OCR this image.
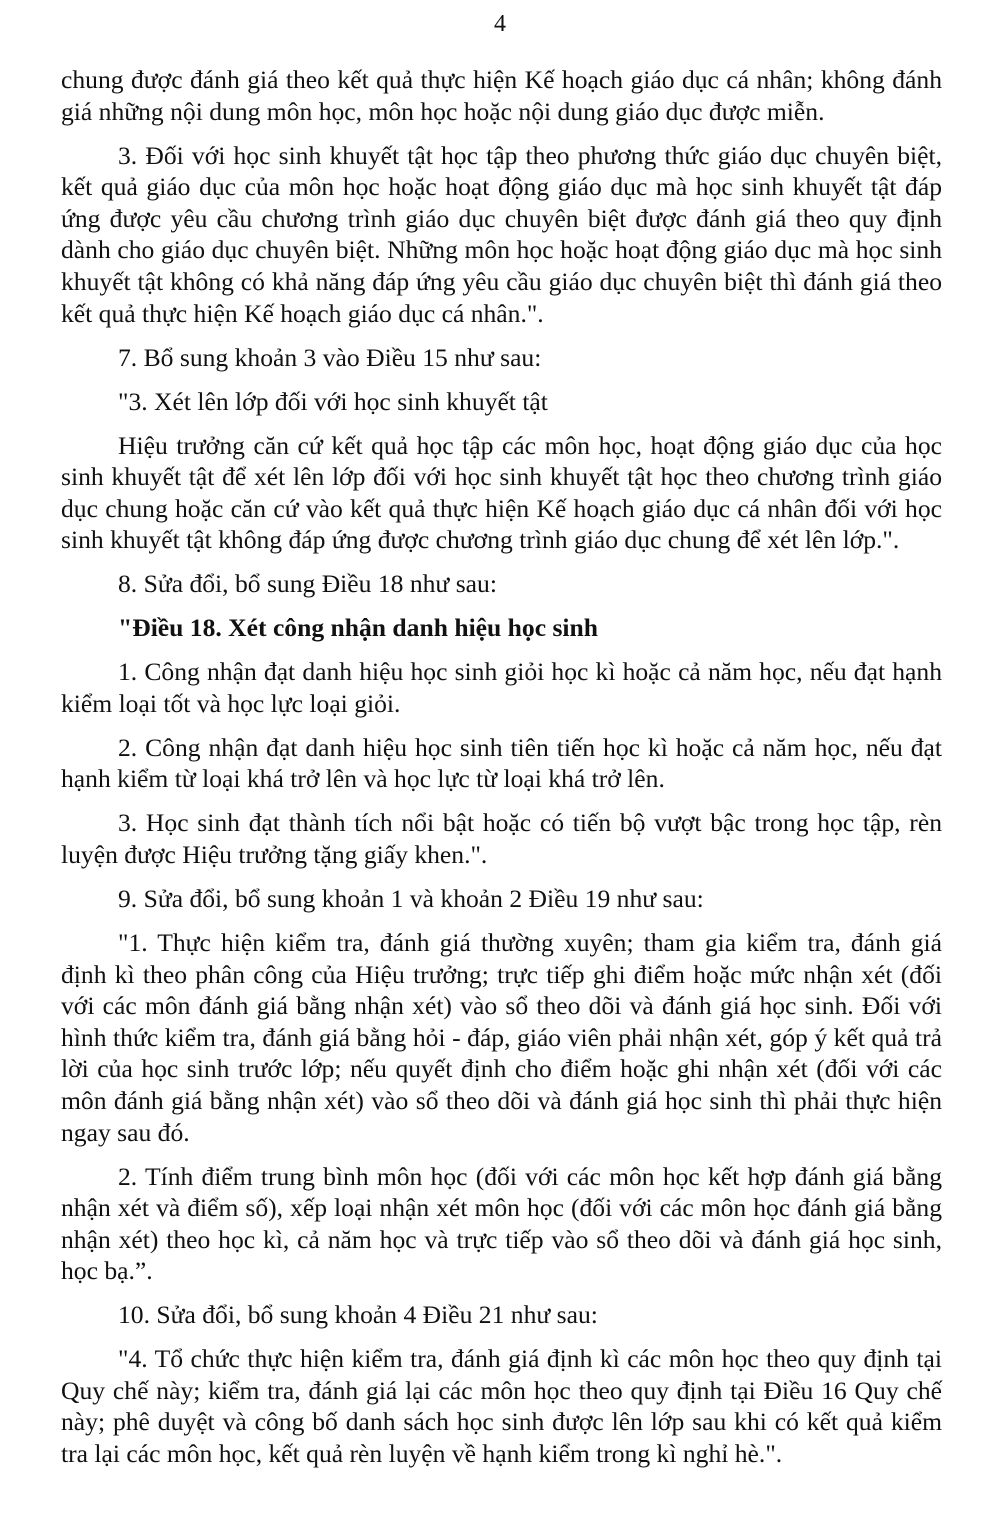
4

chung được đánh giá theo kết quả thực hiện Kế hoạch giáo dục cá nhân; không đánh giá những nội dung môn học, môn học hoặc nội dung giáo dục được miễn.

3. Đối với học sinh khuyết tật học tập theo phương thức giáo dục chuyên biệt, kết quả giáo dục của môn học hoặc hoạt động giáo dục mà học sinh khuyết tật đáp ứng được yêu cầu chương trình giáo dục chuyên biệt được đánh giá theo quy định dành cho giáo dục chuyên biệt. Những môn học hoặc hoạt động giáo dục mà học sinh khuyết tật không có khả năng đáp ứng yêu cầu giáo dục chuyên biệt thì đánh giá theo kết quả thực hiện Kế hoạch giáo dục cá nhân.".

7. Bổ sung khoản 3 vào Điều 15 như sau:

"3. Xét lên lớp đối với học sinh khuyết tật

Hiệu trưởng căn cứ kết quả học tập các môn học, hoạt động giáo dục của học sinh khuyết tật để xét lên lớp đối với học sinh khuyết tật học theo chương trình giáo dục chung hoặc căn cứ vào kết quả thực hiện Kế hoạch giáo dục cá nhân đối với học sinh khuyết tật không đáp ứng được chương trình giáo dục chung để xét lên lớp.".

8. Sửa đổi, bổ sung Điều 18 như sau:

"Điều 18. Xét công nhận danh hiệu học sinh

1. Công nhận đạt danh hiệu học sinh giỏi học kì hoặc cả năm học, nếu đạt hạnh kiểm loại tốt và học lực loại giỏi.

2. Công nhận đạt danh hiệu học sinh tiên tiến học kì hoặc cả năm học, nếu đạt hạnh kiểm từ loại khá trở lên và học lực từ loại khá trở lên.

3. Học sinh đạt thành tích nổi bật hoặc có tiến bộ vượt bậc trong học tập, rèn luyện được Hiệu trưởng tặng giấy khen.".

9. Sửa đổi, bổ sung khoản 1 và khoản 2 Điều 19 như sau:

"1. Thực hiện kiểm tra, đánh giá thường xuyên; tham gia kiểm tra, đánh giá định kì theo phân công của Hiệu trưởng; trực tiếp ghi điểm hoặc mức nhận xét (đối với các môn đánh giá bằng nhận xét) vào sổ theo dõi và đánh giá học sinh. Đối với hình thức kiểm tra, đánh giá bằng hỏi - đáp, giáo viên phải nhận xét, góp ý kết quả trả lời của học sinh trước lớp; nếu quyết định cho điểm hoặc ghi nhận xét (đối với các môn đánh giá bằng nhận xét) vào sổ theo dõi và đánh giá học sinh thì phải thực hiện ngay sau đó.

2. Tính điểm trung bình môn học (đối với các môn học kết hợp đánh giá bằng nhận xét và điểm số), xếp loại nhận xét môn học (đối với các môn học đánh giá bằng nhận xét) theo học kì, cả năm học và trực tiếp vào sổ theo dõi và đánh giá học sinh, học bạ.”.

10. Sửa đổi, bổ sung khoản 4 Điều 21 như sau:

"4. Tổ chức thực hiện kiểm tra, đánh giá định kì các môn học theo quy định tại Quy chế này; kiểm tra, đánh giá lại các môn học theo quy định tại Điều 16 Quy chế này; phê duyệt và công bố danh sách học sinh được lên lớp sau khi có kết quả kiểm tra lại các môn học, kết quả rèn luyện về hạnh kiểm trong kì nghỉ hè.".
